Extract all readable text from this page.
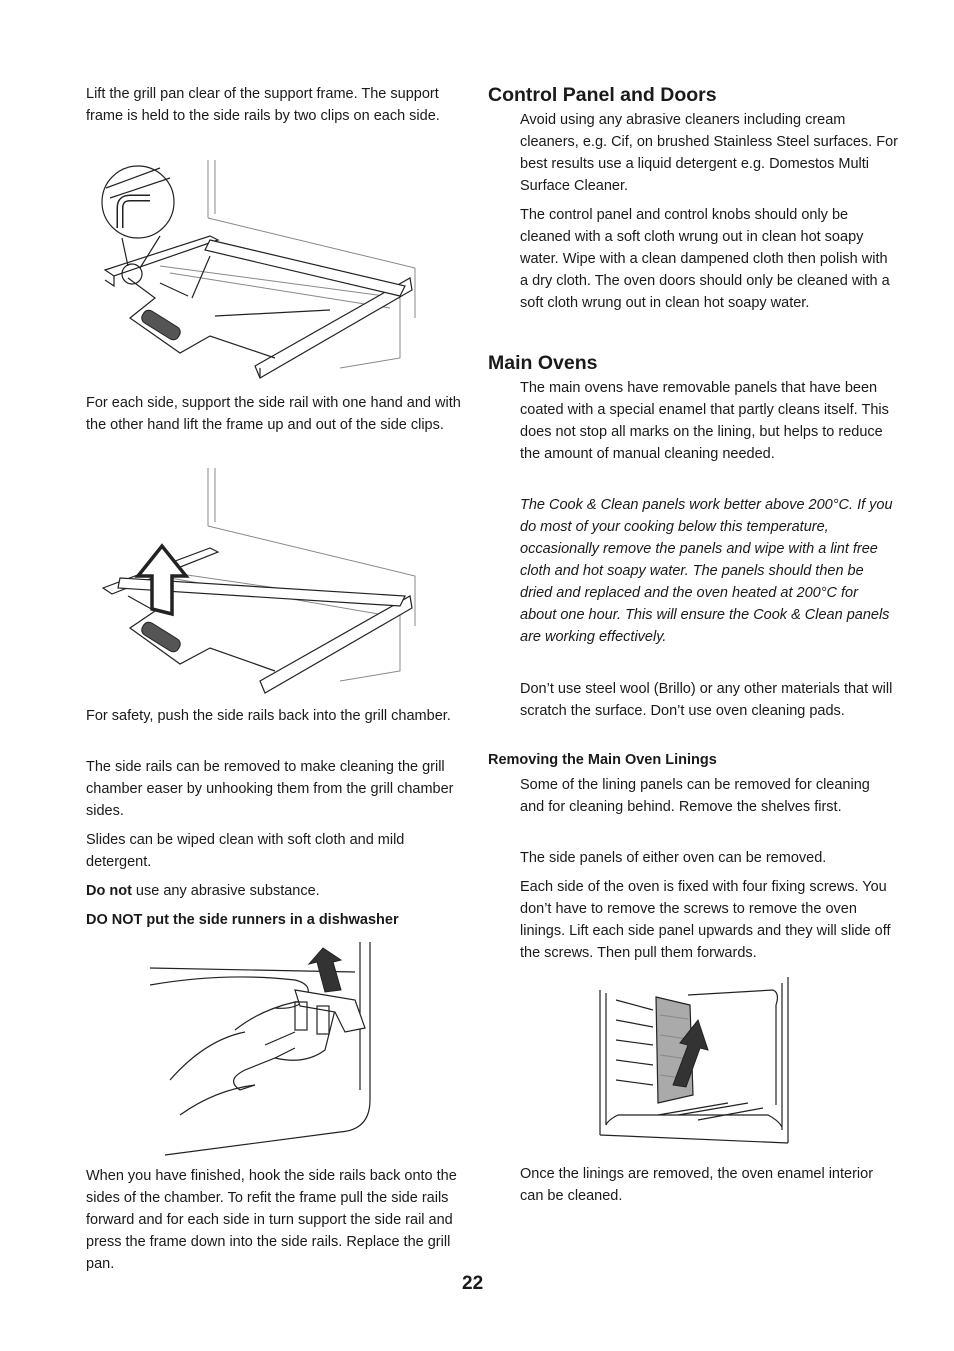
Lift the grill pan clear of the support frame. The support frame is held to the side rails by two clips on each side.

For each side, support the side rail with one hand and with the other hand lift the frame up and out of the side clips.

For safety, push the side rails back into the grill chamber.

The side rails can be removed to make cleaning the grill chamber easer by unhooking them from the grill chamber sides.

Slides can be wiped clean with soft cloth and mild detergent.

Do not use any abrasive substance.

DO NOT put the side runners in a dishwasher

When you have finished, hook the side rails back onto the sides of the chamber. To refit the frame pull the side rails forward and for each side in turn support the side rail and press the frame down into the side rails. Replace the grill pan.

Control Panel and Doors

Avoid using any abrasive cleaners including cream cleaners, e.g. Cif, on brushed Stainless Steel surfaces. For best results use a liquid detergent e.g. Domestos Multi Surface Cleaner.

The control panel and control knobs should only be cleaned with a soft cloth wrung out in clean hot soapy water. Wipe with a clean dampened cloth then polish with a dry cloth. The oven doors should only be cleaned with a soft cloth wrung out in clean hot soapy water.

Main Ovens

The main ovens have removable panels that have been coated with a special enamel that partly cleans itself. This does not stop all marks on the lining, but helps to reduce the amount of manual cleaning needed.

The Cook & Clean panels work better above 200°C. If you do most of your cooking below this temperature, occasionally remove the panels and wipe with a lint free cloth and hot soapy water. The panels should then be dried and replaced and the oven heated at 200°C for about one hour. This will ensure the Cook & Clean panels are working effectively.

Don’t use steel wool (Brillo) or any other materials that will scratch the surface. Don’t use oven cleaning pads.

Removing the Main Oven Linings

Some of the lining panels can be removed for cleaning and for cleaning behind. Remove the shelves first.

The side panels of either oven can be removed.

Each side of the oven is fixed with four fixing screws. You don’t have to remove the screws to remove the oven linings. Lift each side panel upwards and they will slide off the screws. Then pull them forwards.

Once the linings are removed, the oven enamel interior can be cleaned.

22
